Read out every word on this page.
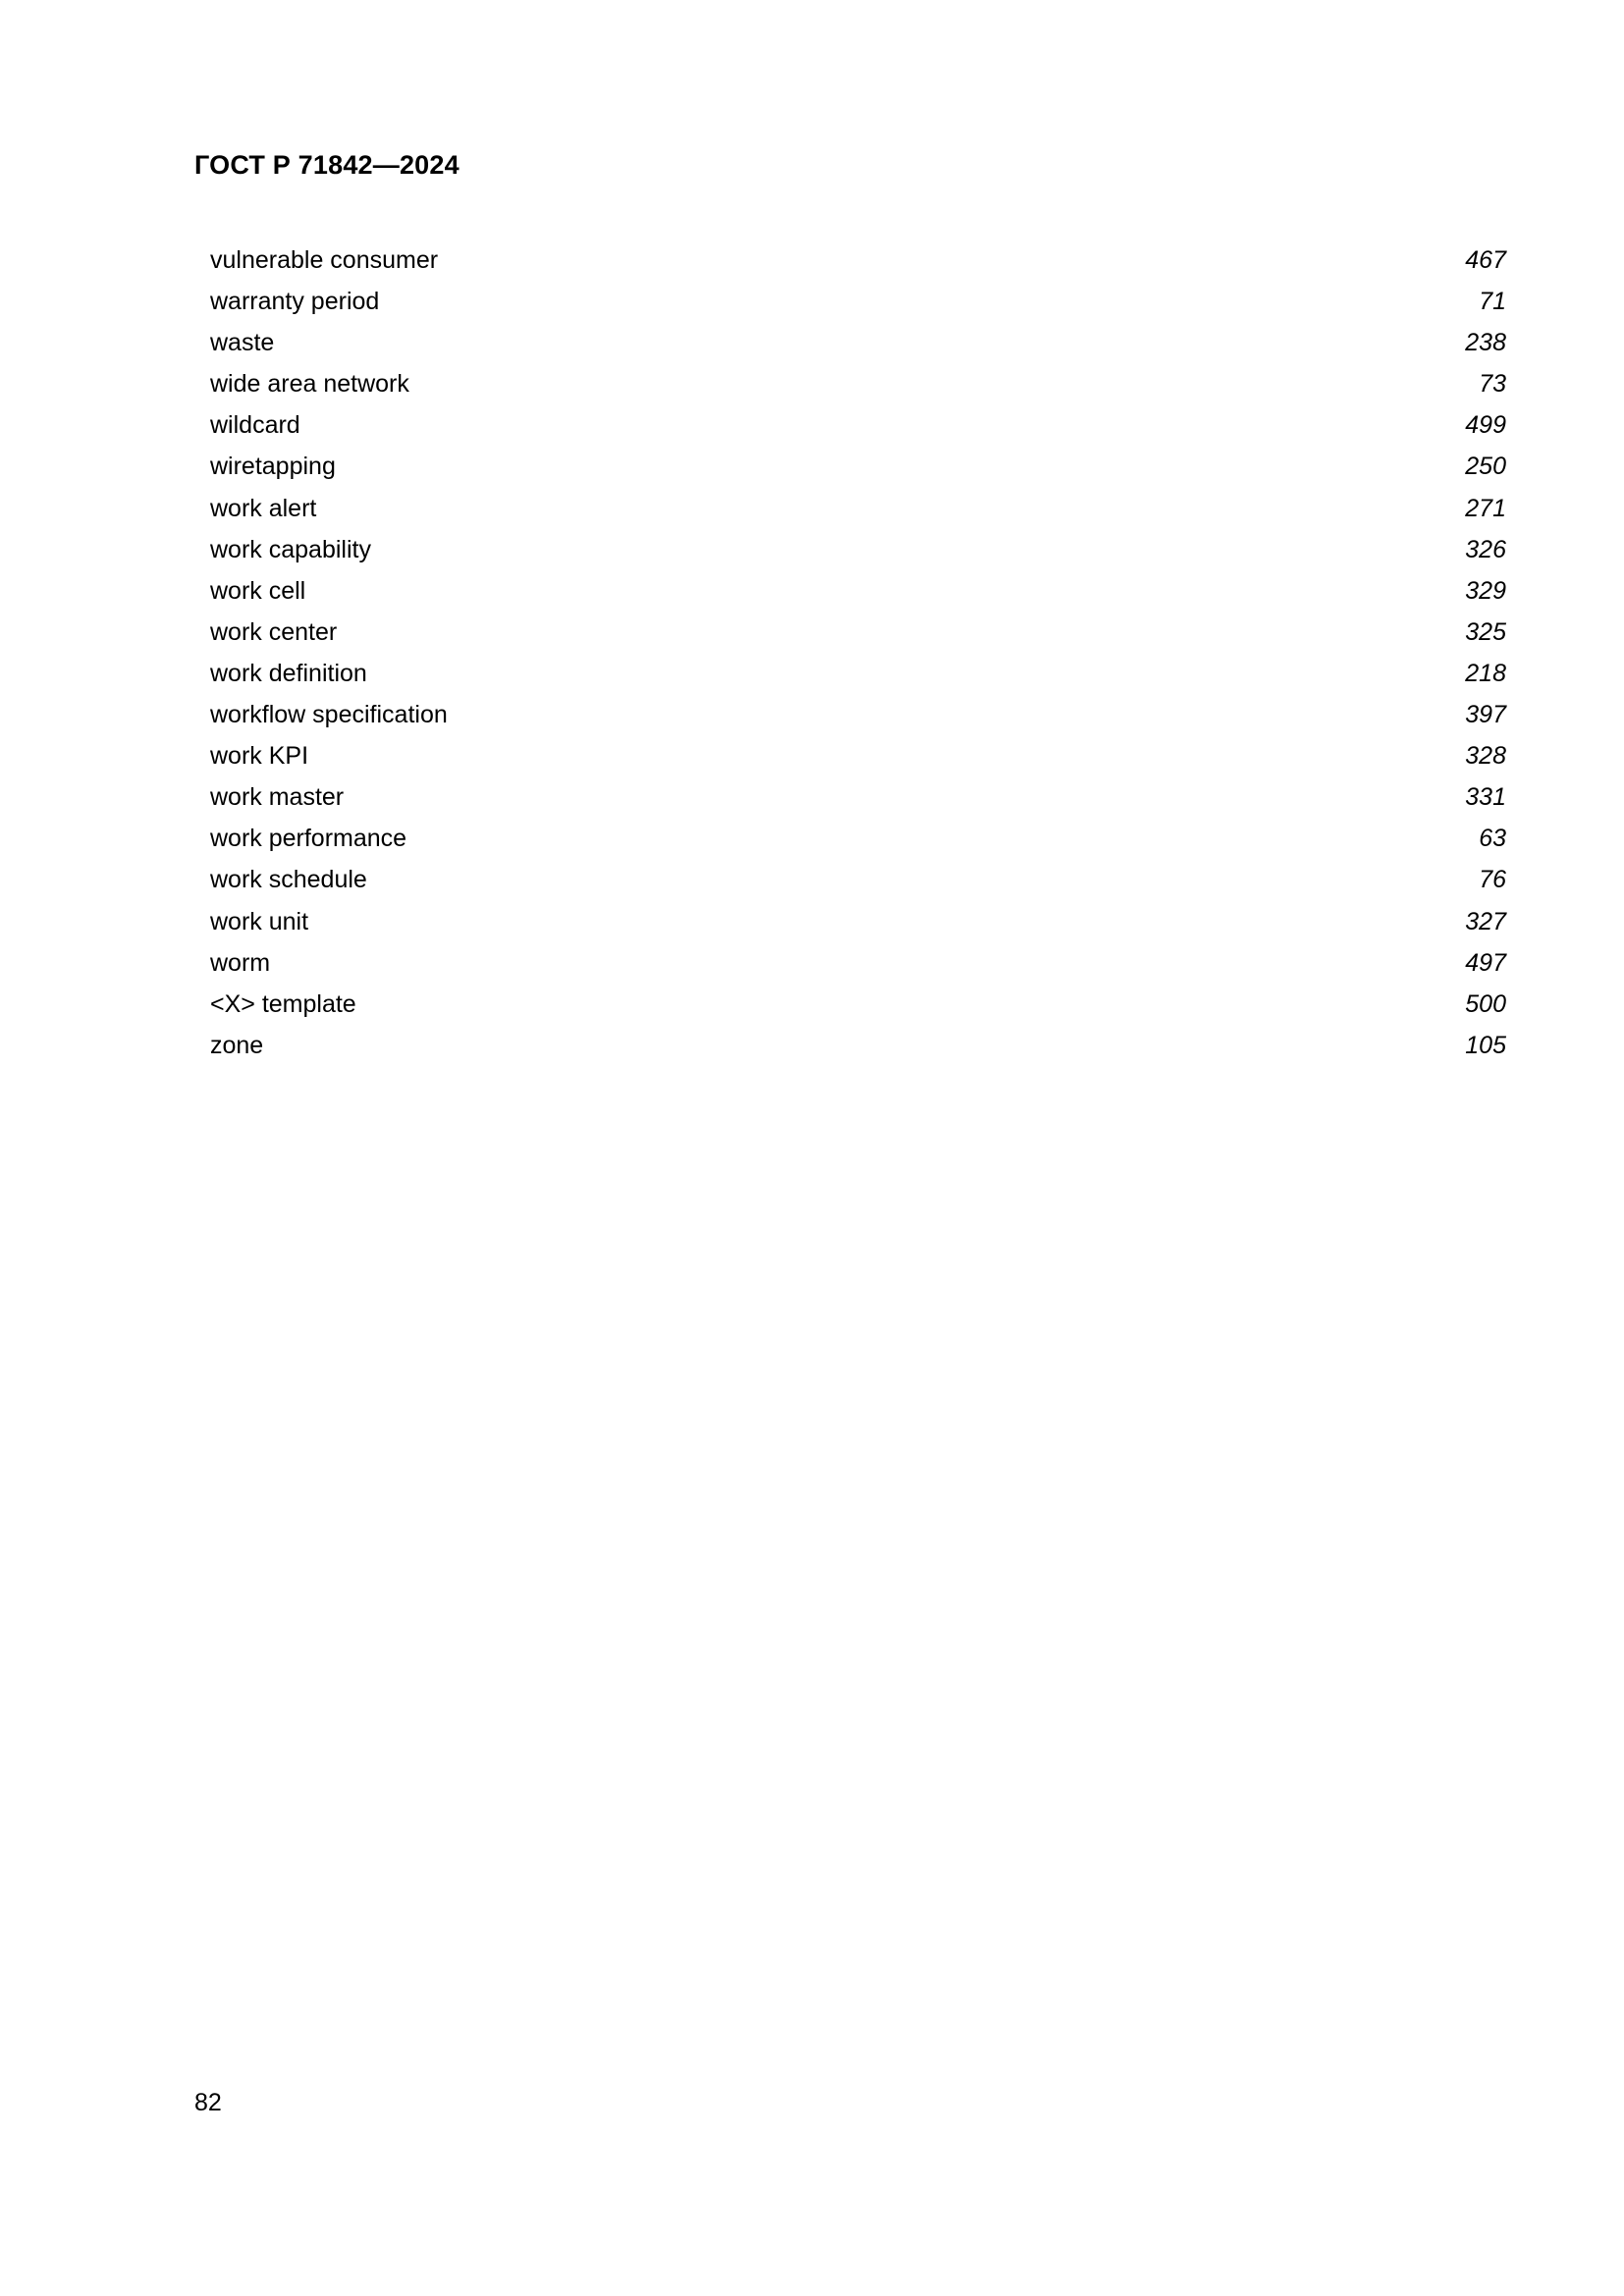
ГОСТ Р 71842—2024
vulnerable consumer	467
warranty period	71
waste	238
wide area network	73
wildcard	499
wiretapping	250
work alert	271
work capability	326
work cell	329
work center	325
work definition	218
workflow specification	397
work KPI	328
work master	331
work performance	63
work schedule	76
work unit	327
worm	497
<X> template	500
zone	105
82
